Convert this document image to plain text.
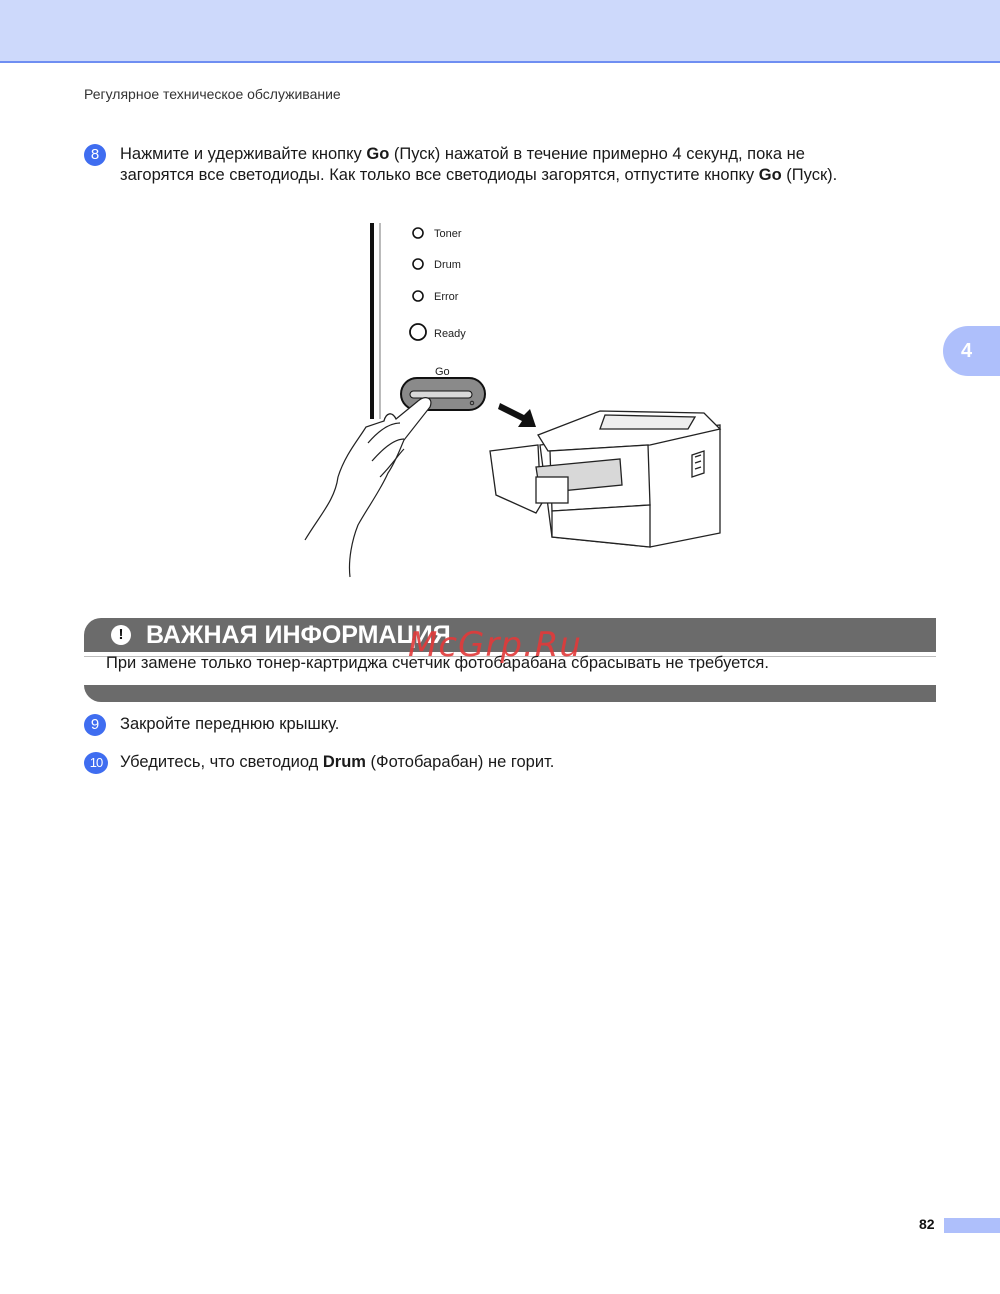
Регулярное техническое обслуживание
4
8	Нажмите и удерживайте кнопку Go (Пуск) нажатой в течение примерно 4 секунд, пока не
загорятся все светодиоды. Как только все светодиоды загорятся, отпустите кнопку Go (Пуск).
Toner
Drum
Error
Ready
Go
! ВАЖНАЯ ИНФОРМАЦИЯ
При замене только тонер-картриджа счетчик фотобарабана сбрасывать не требуется.
McGrp.Ru
9	Закройте переднюю крышку.
10	Убедитесь, что светодиод Drum (Фотобарабан) не горит.
82
